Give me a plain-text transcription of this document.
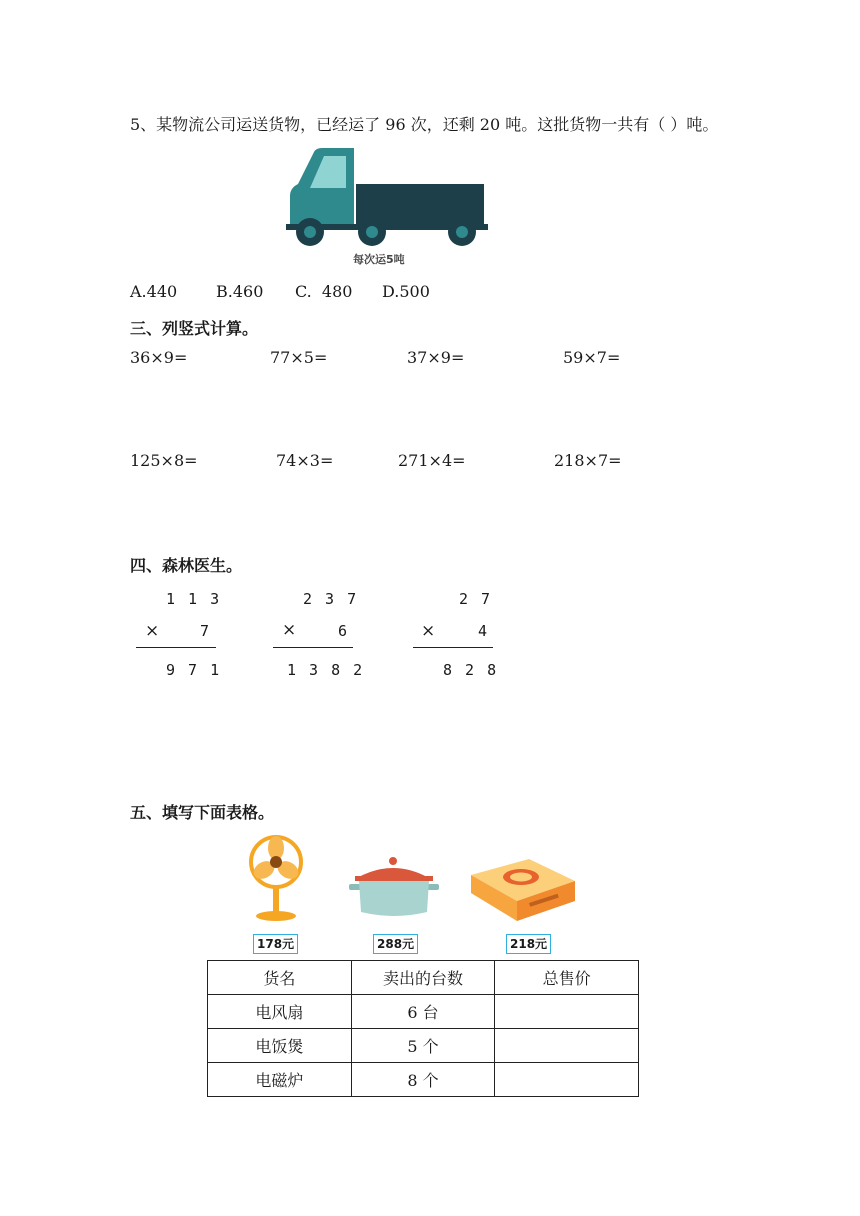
5、某物流公司运送货物，已经运了 96 次，还剩 20 吨。这批货物一共有（ ）吨。
每次运5吨
A.440 B.460 C.  480 D.500
三、列竖式计算。
36×9=	77×5=	37×9=	59×7=
125×8=	74×3=	271×4=	218×7=
四、森林医生。
1 1 3
×	7
9 7 1
2 3 7
×	6
1 3 8 2
2 7
×	4
8 2 8
五、填写下面表格。
178元	288元	218元
货名	卖出的台数	总售价
电风扇	6 台	
电饭煲	5 个	
电磁炉	8 个	
